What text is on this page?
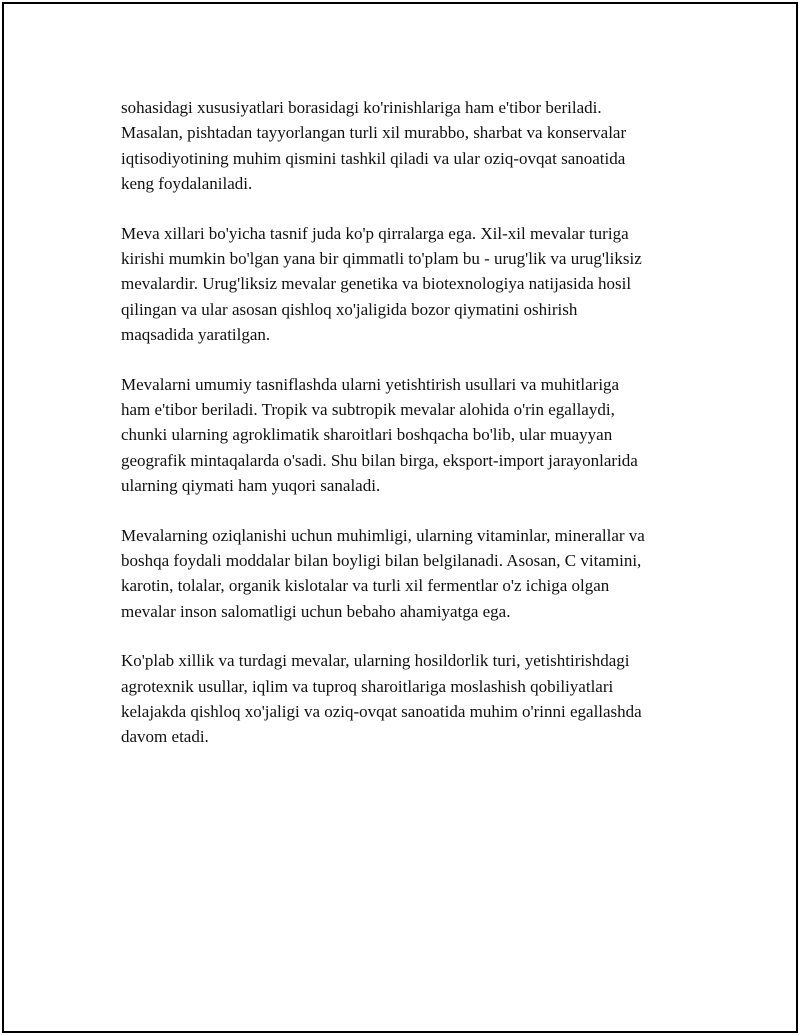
sohasidagi xususiyatlari borasidagi ko'rinishlariga ham e'tibor beriladi.
Masalan, pishtadan tayyorlangan turli xil murabbo, sharbat va konservalar
iqtisodiyotining muhim qismini tashkil qiladi va ular oziq-ovqat sanoatida
keng foydalaniladi.

Meva xillari bo'yicha tasnif juda ko'p qirralarga ega. Xil-xil mevalar turiga
kirishi mumkin bo'lgan yana bir qimmatli to'plam bu - urug'lik va urug'liksiz
mevalardir. Urug'liksiz mevalar genetika va biotexnologiya natijasida hosil
qilingan va ular asosan qishloq xo'jaligida bozor qiymatini oshirish
maqsadida yaratilgan.

Mevalarni umumiy tasniflashda ularni yetishtirish usullari va muhitlariga
ham e'tibor beriladi. Tropik va subtropik mevalar alohida o'rin egallaydi,
chunki ularning agroklimatik sharoitlari boshqacha bo'lib, ular muayyan
geografik mintaqalarda o'sadi. Shu bilan birga, eksport-import jarayonlarida
ularning qiymati ham yuqori sanaladi.

Mevalarning oziqlanishi uchun muhimligi, ularning vitaminlar, minerallar va
boshqa foydali moddalar bilan boyligi bilan belgilanadi. Asosan, C vitamini,
karotin, tolalar, organik kislotalar va turli xil fermentlar o'z ichiga olgan
mevalar inson salomatligi uchun bebaho ahamiyatga ega.

Ko'plab xillik va turdagi mevalar, ularning hosildorlik turi, yetishtirishdagi
agrotexnik usullar, iqlim va tuproq sharoitlariga moslashish qobiliyatlari
kelajakda qishloq xo'jaligi va oziq-ovqat sanoatida muhim o'rinni egallashda
davom etadi.
